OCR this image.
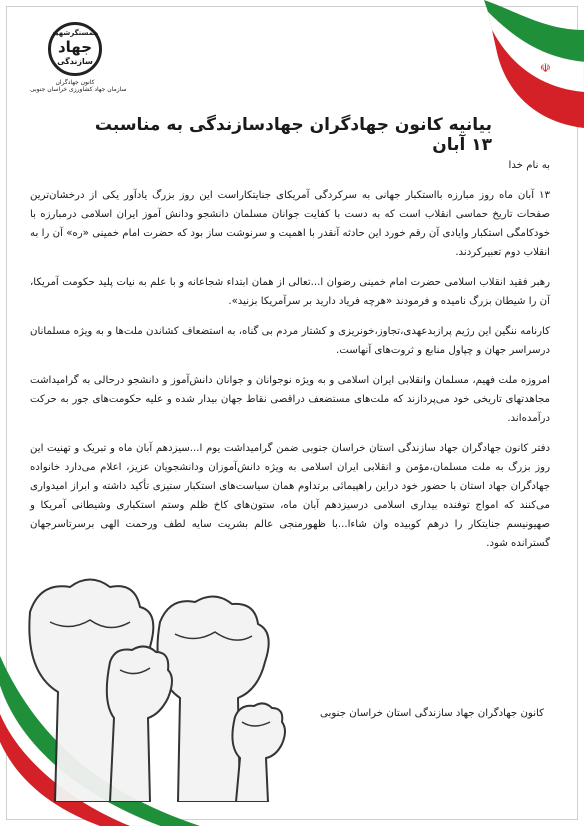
☫
همسنگرشهید
جهاد
سازندگی
کانون جهادگران
سازمان جهاد کشاورزی خراسان جنوبی
بیانیه کانون جهادگران جهادسازندگی به مناسبت ۱۳ آبان

به نام خدا

۱۳ آبان ماه روز مبارزه بااستکبار جهانی به سرکردگی آمریکای جنایتکاراست این روز بزرگ یادآور یکی از درخشان‌ترین صفحات تاریخ حماسی انقلاب است که به دست با کفایت جوانان مسلمان دانشجو ودانش آموز ایران اسلامی درمبارزه با خودکامگی استکبار وایادی آن رقم خورد این حادثه آنقدر با اهمیت و سرنوشت ساز بود که حضرت امام خمینی «ره» آن را به انقلاب دوم تعبیرکردند.

رهبر فقید انقلاب اسلامی حضرت امام خمینی رضوان ا...تعالی از همان ابتداء شجاعانه و با علم به نیات پلید حکومت آمریکا، آن را شیطان بزرگ نامیده و فرمودند «هرچه فریاد دارید بر سرآمریکا بزنید».

کارنامه ننگین این رژیم پرازبدعهدی،تجاوز،خونریزی و کشتار مردم بی گناه، به استضعاف کشاندن ملت‌ها و به ویژه مسلمانان درسراسر جهان و چپاول منابع و ثروت‌های آنهاست.

امروزه ملت فهیم، مسلمان وانقلابی ایران اسلامی و به ویژه نوجوانان و جوانان دانش‌آموز و دانشجو درحالی به گرامیداشت مجاهدتهای تاریخی خود می‌پردازند که ملت‌های مستضعف دراقصی نقاط جهان بیدار شده و علیه حکومت‌های جور به حرکت درآمده‌اند.

دفتر کانون جهادگران جهاد سازندگی استان خراسان جنوبی ضمن گرامیداشت یوم ا...سیزدهم آبان ماه و تبریک و تهنیت این روز بزرگ به ملت مسلمان،مؤمن و انقلابی ایران اسلامی به ویژه دانش‌آموزان ودانشجویان عزیز، اعلام می‌دارد خانواده جهادگران جهاد استان با حضور خود دراین راهپیمائی برتداوم همان سیاست‌های استکبار ستیزی تأکید داشته و ابراز امیدواری می‌کنند که امواج توفنده بیداری اسلامی درسیزدهم آبان ماه، ستون‌های کاخ ظلم وستم استکباری وشیطانی آمریکا و صهیونیسم جنایتکار را درهم کوبیده وان شاءا...با ظهورمنجی عالم بشریت سایه لطف ورحمت الهی برسرتاسرجهان گسترانده شود.

کانون جهادگران جهاد سازندگی استان خراسان جنوبی
